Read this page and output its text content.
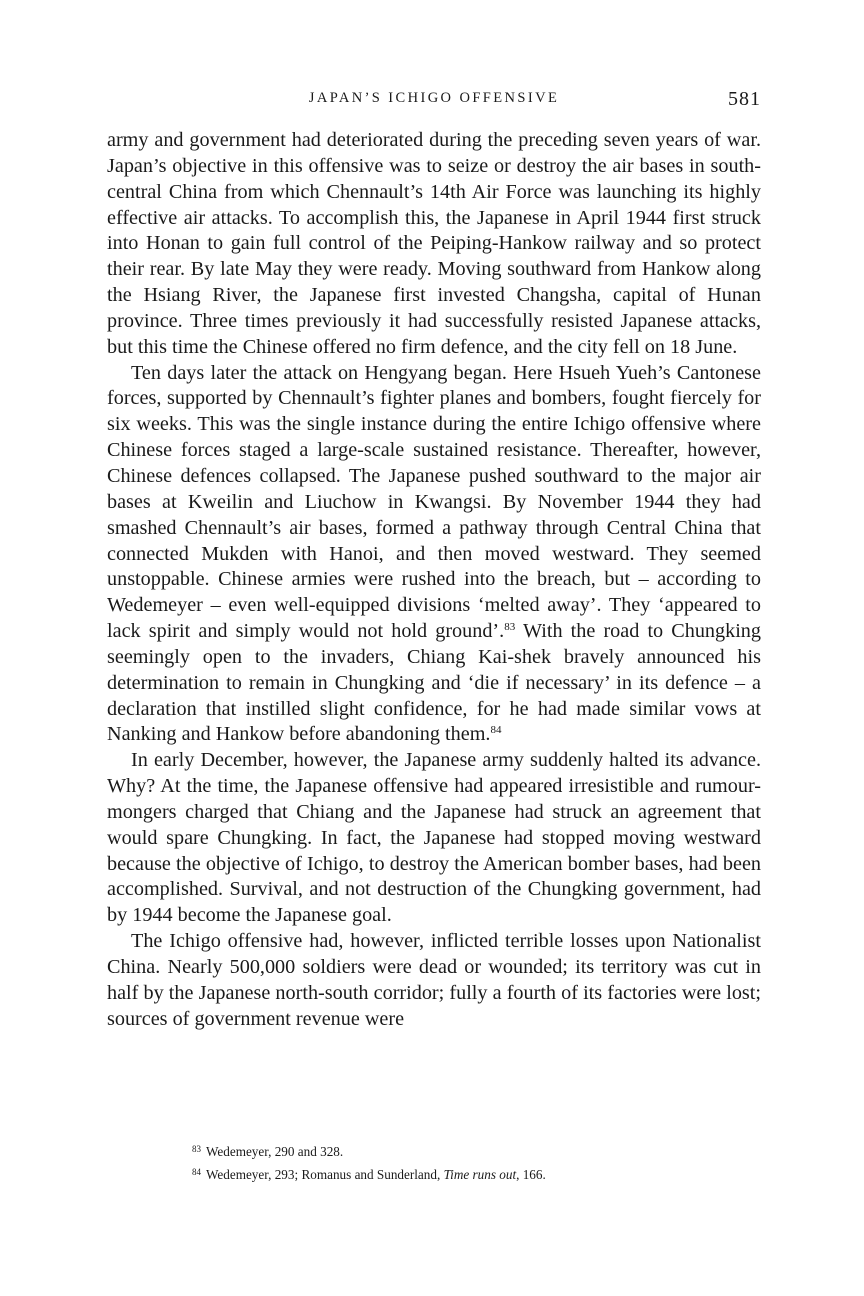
JAPAN’S ICHIGO OFFENSIVE	581

army and government had deteriorated during the preceding seven years of war. Japan’s objective in this offensive was to seize or destroy the air bases in south-central China from which Chennault’s 14th Air Force was launching its highly effective air attacks. To accomplish this, the Japanese in April 1944 first struck into Honan to gain full control of the Peiping-Hankow railway and so protect their rear. By late May they were ready. Moving southward from Hankow along the Hsiang River, the Japanese first invested Changsha, capital of Hunan province. Three times previously it had successfully resisted Japanese attacks, but this time the Chinese offered no firm defence, and the city fell on 18 June.

Ten days later the attack on Hengyang began. Here Hsueh Yueh’s Cantonese forces, supported by Chennault’s fighter planes and bombers, fought fiercely for six weeks. This was the single instance during the entire Ichigo offensive where Chinese forces staged a large-scale sustained resistance. Thereafter, however, Chinese defences collapsed. The Japanese pushed southward to the major air bases at Kweilin and Liuchow in Kwangsi. By November 1944 they had smashed Chennault’s air bases, formed a pathway through Central China that connected Mukden with Hanoi, and then moved westward. They seemed unstoppable. Chinese armies were rushed into the breach, but – according to Wedemeyer – even well-equipped divisions ‘melted away’. They ‘appeared to lack spirit and simply would not hold ground’.$^{83}$ With the road to Chungking seemingly open to the invaders, Chiang Kai-shek bravely announced his determination to remain in Chungking and ‘die if necessary’ in its defence – a declaration that instilled slight confidence, for he had made similar vows at Nanking and Hankow before abandoning them.$^{84}$

In early December, however, the Japanese army suddenly halted its advance. Why? At the time, the Japanese offensive had appeared irresistible and rumour-mongers charged that Chiang and the Japanese had struck an agreement that would spare Chungking. In fact, the Japanese had stopped moving westward because the objective of Ichigo, to destroy the American bomber bases, had been accomplished. Survival, and not destruction of the Chungking government, had by 1944 become the Japanese goal.

The Ichigo offensive had, however, inflicted terrible losses upon Nationalist China. Nearly 500,000 soldiers were dead or wounded; its territory was cut in half by the Japanese north-south corridor; fully a fourth of its factories were lost; sources of government revenue were

$^{83}$ Wedemeyer, 290 and 328.
$^{84}$ Wedemeyer, 293; Romanus and Sunderland, Time runs out, 166.
